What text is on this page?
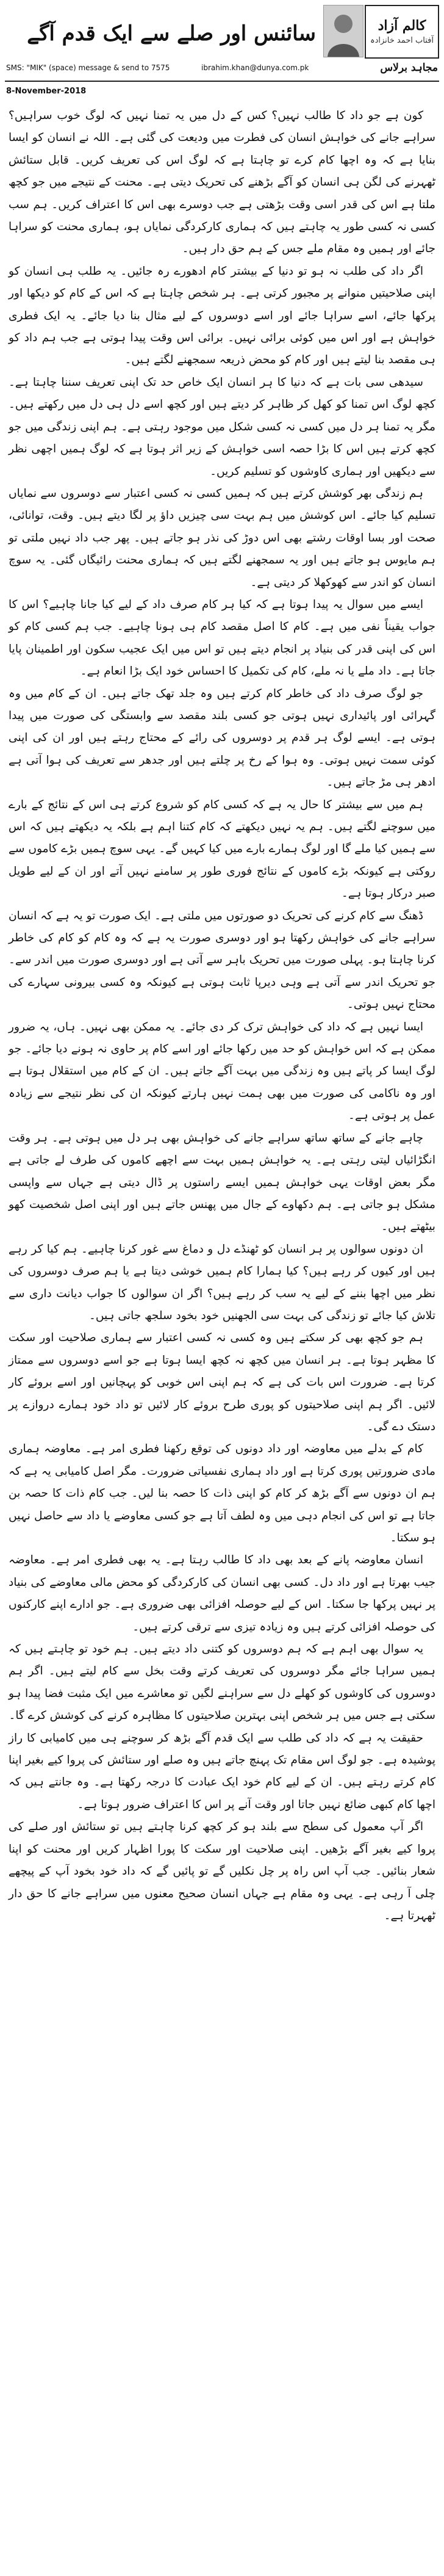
کالم آزاد
آفتاب احمد خانزادہ
سائنس اور صلے سے ایک قدم آگے
مجاہد برلاس
SMS: "MIK" (space) message & send to 7575	ibrahim.khan@dunya.com.pk
8-November-2018

کون ہے جو داد کا طالب نہیں؟ کس کے دل میں یہ تمنا نہیں کہ لوگ خوب سراہیں؟ سراہے جانے کی خواہش انسان کی فطرت میں ودیعت کی گئی ہے۔ اللہ نے انسان کو ایسا بنایا ہے کہ وہ اچھا کام کرے تو چاہتا ہے کہ لوگ اس کی تعریف کریں۔ قابل ستائش ٹھہرنے کی لگن ہی انسان کو آگے بڑھنے کی تحریک دیتی ہے۔ محنت کے نتیجے میں جو کچھ ملتا ہے اس کی قدر اسی وقت بڑھتی ہے جب دوسرے بھی اس کا اعتراف کریں۔ ہم سب کسی نہ کسی طور یہ چاہتے ہیں کہ ہماری کارکردگی نمایاں ہو، ہماری محنت کو سراہا جائے اور ہمیں وہ مقام ملے جس کے ہم حق دار ہیں۔

اگر داد کی طلب نہ ہو تو دنیا کے بیشتر کام ادھورے رہ جائیں۔ یہ طلب ہی انسان کو اپنی صلاحیتیں منوانے پر مجبور کرتی ہے۔ ہر شخص چاہتا ہے کہ اس کے کام کو دیکھا اور پرکھا جائے، اسے سراہا جائے اور اسے دوسروں کے لیے مثال بنا دیا جائے۔ یہ ایک فطری خواہش ہے اور اس میں کوئی برائی نہیں۔ برائی اس وقت پیدا ہوتی ہے جب ہم داد کو ہی مقصد بنا لیتے ہیں اور کام کو محض ذریعہ سمجھنے لگتے ہیں۔

سیدھی سی بات ہے کہ دنیا کا ہر انسان ایک خاص حد تک اپنی تعریف سننا چاہتا ہے۔ کچھ لوگ اس تمنا کو کھل کر ظاہر کر دیتے ہیں اور کچھ اسے دل ہی دل میں رکھتے ہیں۔ مگر یہ تمنا ہر دل میں کسی نہ کسی شکل میں موجود رہتی ہے۔ ہم اپنی زندگی میں جو کچھ کرتے ہیں اس کا بڑا حصہ اسی خواہش کے زیر اثر ہوتا ہے کہ لوگ ہمیں اچھی نظر سے دیکھیں اور ہماری کاوشوں کو تسلیم کریں۔

ہم زندگی بھر کوشش کرتے ہیں کہ ہمیں کسی نہ کسی اعتبار سے دوسروں سے نمایاں تسلیم کیا جائے۔ اس کوشش میں ہم بہت سی چیزیں داؤ پر لگا دیتے ہیں۔ وقت، توانائی، صحت اور بسا اوقات رشتے بھی اس دوڑ کی نذر ہو جاتے ہیں۔ پھر جب داد نہیں ملتی تو ہم مایوس ہو جاتے ہیں اور یہ سمجھنے لگتے ہیں کہ ہماری محنت رائیگاں گئی۔ یہ سوچ انسان کو اندر سے کھوکھلا کر دیتی ہے۔

ایسے میں سوال یہ پیدا ہوتا ہے کہ کیا ہر کام صرف داد کے لیے کیا جانا چاہیے؟ اس کا جواب یقیناً نفی میں ہے۔ کام کا اصل مقصد کام ہی ہونا چاہیے۔ جب ہم کسی کام کو اس کی اپنی قدر کی بنیاد پر انجام دیتے ہیں تو اس میں ایک عجیب سکون اور اطمینان پایا جاتا ہے۔ داد ملے یا نہ ملے، کام کی تکمیل کا احساس خود ایک بڑا انعام ہے۔

جو لوگ صرف داد کی خاطر کام کرتے ہیں وہ جلد تھک جاتے ہیں۔ ان کے کام میں وہ گہرائی اور پائیداری نہیں ہوتی جو کسی بلند مقصد سے وابستگی کی صورت میں پیدا ہوتی ہے۔ ایسے لوگ ہر قدم پر دوسروں کی رائے کے محتاج رہتے ہیں اور ان کی اپنی کوئی سمت نہیں ہوتی۔ وہ ہوا کے رخ پر چلتے ہیں اور جدھر سے تعریف کی ہوا آتی ہے ادھر ہی مڑ جاتے ہیں۔

ہم میں سے بیشتر کا حال یہ ہے کہ کسی کام کو شروع کرتے ہی اس کے نتائج کے بارے میں سوچنے لگتے ہیں۔ ہم یہ نہیں دیکھتے کہ کام کتنا اہم ہے بلکہ یہ دیکھتے ہیں کہ اس سے ہمیں کیا ملے گا اور لوگ ہمارے بارے میں کیا کہیں گے۔ یہی سوچ ہمیں بڑے کاموں سے روکتی ہے کیونکہ بڑے کاموں کے نتائج فوری طور پر سامنے نہیں آتے اور ان کے لیے طویل صبر درکار ہوتا ہے۔

ڈھنگ سے کام کرنے کی تحریک دو صورتوں میں ملتی ہے۔ ایک صورت تو یہ ہے کہ انسان سراہے جانے کی خواہش رکھتا ہو اور دوسری صورت یہ ہے کہ وہ کام کو کام کی خاطر کرنا چاہتا ہو۔ پہلی صورت میں تحریک باہر سے آتی ہے اور دوسری صورت میں اندر سے۔ جو تحریک اندر سے آتی ہے وہی دیرپا ثابت ہوتی ہے کیونکہ وہ کسی بیرونی سہارے کی محتاج نہیں ہوتی۔

ایسا نہیں ہے کہ داد کی خواہش ترک کر دی جائے۔ یہ ممکن بھی نہیں۔ ہاں، یہ ضرور ممکن ہے کہ اس خواہش کو حد میں رکھا جائے اور اسے کام پر حاوی نہ ہونے دیا جائے۔ جو لوگ ایسا کر پاتے ہیں وہ زندگی میں بہت آگے جاتے ہیں۔ ان کے کام میں استقلال ہوتا ہے اور وہ ناکامی کی صورت میں بھی ہمت نہیں ہارتے کیونکہ ان کی نظر نتیجے سے زیادہ عمل پر ہوتی ہے۔

چاہے جانے کے ساتھ ساتھ سراہے جانے کی خواہش بھی ہر دل میں ہوتی ہے۔ ہر وقت انگڑائیاں لیتی رہتی ہے۔ یہ خواہش ہمیں بہت سے اچھے کاموں کی طرف لے جاتی ہے مگر بعض اوقات یہی خواہش ہمیں ایسے راستوں پر ڈال دیتی ہے جہاں سے واپسی مشکل ہو جاتی ہے۔ ہم دکھاوے کے جال میں پھنس جاتے ہیں اور اپنی اصل شخصیت کھو بیٹھتے ہیں۔

ان دونوں سوالوں پر ہر انسان کو ٹھنڈے دل و دماغ سے غور کرنا چاہیے۔ ہم کیا کر رہے ہیں اور کیوں کر رہے ہیں؟ کیا ہمارا کام ہمیں خوشی دیتا ہے یا ہم صرف دوسروں کی نظر میں اچھا بننے کے لیے یہ سب کر رہے ہیں؟ اگر ان سوالوں کا جواب دیانت داری سے تلاش کیا جائے تو زندگی کی بہت سی الجھنیں خود بخود سلجھ جاتی ہیں۔

ہم جو کچھ بھی کر سکتے ہیں وہ کسی نہ کسی اعتبار سے ہماری صلاحیت اور سکت کا مظہر ہوتا ہے۔ ہر انسان میں کچھ نہ کچھ ایسا ہوتا ہے جو اسے دوسروں سے ممتاز کرتا ہے۔ ضرورت اس بات کی ہے کہ ہم اپنی اس خوبی کو پہچانیں اور اسے بروئے کار لائیں۔ اگر ہم اپنی صلاحیتوں کو پوری طرح بروئے کار لائیں تو داد خود ہمارے دروازے پر دستک دے گی۔

کام کے بدلے میں معاوضہ اور داد دونوں کی توقع رکھنا فطری امر ہے۔ معاوضہ ہماری مادی ضرورتیں پوری کرتا ہے اور داد ہماری نفسیاتی ضرورت۔ مگر اصل کامیابی یہ ہے کہ ہم ان دونوں سے آگے بڑھ کر کام کو اپنی ذات کا حصہ بنا لیں۔ جب کام ذات کا حصہ بن جاتا ہے تو اس کی انجام دہی میں وہ لطف آتا ہے جو کسی معاوضے یا داد سے حاصل نہیں ہو سکتا۔

انسان معاوضہ پانے کے بعد بھی داد کا طالب رہتا ہے۔ یہ بھی فطری امر ہے۔ معاوضہ جیب بھرتا ہے اور داد دل۔ کسی بھی انسان کی کارکردگی کو محض مالی معاوضے کی بنیاد پر نہیں پرکھا جا سکتا۔ اس کے لیے حوصلہ افزائی بھی ضروری ہے۔ جو ادارے اپنے کارکنوں کی حوصلہ افزائی کرتے ہیں وہ زیادہ تیزی سے ترقی کرتے ہیں۔

یہ سوال بھی اہم ہے کہ ہم دوسروں کو کتنی داد دیتے ہیں۔ ہم خود تو چاہتے ہیں کہ ہمیں سراہا جائے مگر دوسروں کی تعریف کرتے وقت بخل سے کام لیتے ہیں۔ اگر ہم دوسروں کی کاوشوں کو کھلے دل سے سراہنے لگیں تو معاشرے میں ایک مثبت فضا پیدا ہو سکتی ہے جس میں ہر شخص اپنی بہترین صلاحیتوں کا مظاہرہ کرنے کی کوشش کرے گا۔

حقیقت یہ ہے کہ داد کی طلب سے ایک قدم آگے بڑھ کر سوچنے ہی میں کامیابی کا راز پوشیدہ ہے۔ جو لوگ اس مقام تک پہنچ جاتے ہیں وہ صلے اور ستائش کی پروا کیے بغیر اپنا کام کرتے رہتے ہیں۔ ان کے لیے کام خود ایک عبادت کا درجہ رکھتا ہے۔ وہ جانتے ہیں کہ اچھا کام کبھی ضائع نہیں جاتا اور وقت آنے پر اس کا اعتراف ضرور ہوتا ہے۔

اگر آپ معمول کی سطح سے بلند ہو کر کچھ کرنا چاہتے ہیں تو ستائش اور صلے کی پروا کیے بغیر آگے بڑھیں۔ اپنی صلاحیت اور سکت کا پورا اظہار کریں اور محنت کو اپنا شعار بنائیں۔ جب آپ اس راہ پر چل نکلیں گے تو پائیں گے کہ داد خود بخود آپ کے پیچھے چلی آ رہی ہے۔ یہی وہ مقام ہے جہاں انسان صحیح معنوں میں سراہے جانے کا حق دار ٹھہرتا ہے۔
